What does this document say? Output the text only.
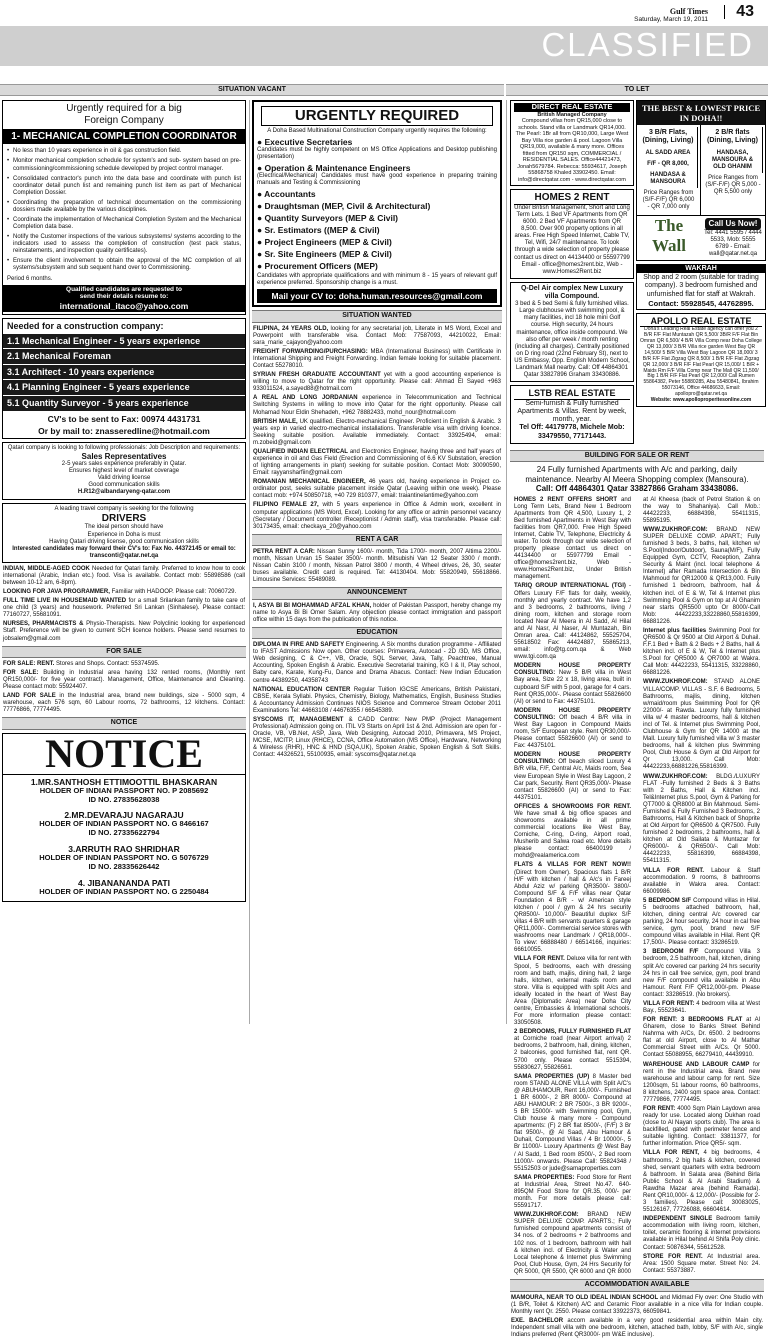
Gulf Times
Saturday, March 19, 2011 43
CLASSIFIED
SITUATION VACANT	TO LET
Urgently required for a big
Foreign Company
1- MECHANICAL COMPLETION COORDINATOR
• No less than 10 years experience in oil & gas construction field.
• Monitor mechanical completion schedule for system's and sub- system based on pre-commissioning/commissioning schedule developed by project control manager.
• Consolidated contractor's punch into the data base and coordinate with punch list coordinator detail punch list and remaining punch list item as part of Mechanical Completion Dossier.
• Coordinating the preparation of technical documentation on the commissioning dossiers made available by the various disciplines.
• Coordinate the implementation of Mechanical Completion System and the Mechanical Completion data base.
• Notify the Customer inspections of the various subsystems/ systems according to the indicators used to assess the completion of construction (test pack status, reinstatements, and inspection quality certificates).
• Ensure the client involvement to obtain the approval of the MC completion of all systems/subsystem and sub sequent hand over to Commissioning.
Period 6 months.
Qualified candidates are requested to
send their details resume to:
international_itaco@yahoo.com
Needed for a construction company:
1.1 Mechanical Engineer - 5 years experience
2.1 Mechanical Foreman
3.1 Architect - 10 years experience
4.1 Planning Engineer - 5 years experience
5.1 Quantity Surveyor - 5 years experience
CV's to be sent to Fax: 00974 4431731
Or by mail to: znasseredline@hotmail.com
Qatari company is looking to following professionals: Job Description and requirements:
Sales Representatives
2-5 years sales experience preferably in Qatar.
Ensures highest level of market coverage
Valid driving license
Good communication skills
H.R12@albandaryeng-qatar.com
A leading travel company is seeking for the following
DRIVERS
The ideal person should have
Experience in Doha is must
Having Qatari driving license, good communication skills
Interested candidates may forward their CV's to: Fax No. 44372145 or email to: transconti@qatar.net.qa
INDIAN, MIDDLE-AGED COOK Needed for Qatari family. Preferred to know how to cook international (Arabic, Indian etc.) food. Visa is available. Contact mob: 55898586 (call between 10-12 am, 6-8pm).
LOOKING FOR JAVA PROGRAMMER, Familiar with HADOOP. Please call: 70060729.
FULL TIME LIVE IN HOUSEMAID WANTED for a small Srilankan family to take care of one child (3 years) and housework. Preferred Sri Lankan (Sinhalese). Please contact: 77160727, 55681091.
NURSES, PHARMACISTS & Physio-Therapists. New Polyclinic looking for experienced Staff. Preference will be given to current SCH licence holders. Please send resumes to jobsalem@gmail.com
FOR SALE
FOR SALE: RENT. Stores and Shops. Contact: 55374595.
FOR SALE: Building in Industrial area having 132 rented rooms, (Monthly rent QR150,000/- for five year contract). Management, Office, Maintenance and Cleaning. Please contact mob: 55924407.
LAND FOR SALE in the Industrial area, brand new buildings, size - 5000 sqm, 4 warehouse, each 576 sqm, 60 Labour rooms, 72 bathrooms, 12 kitchens. Contact: 77776866, 77774495.
NOTICE
NOTICE
1.MR.SANTHOSH ETTIMOOTTIL BHASKARAN
HOLDER OF INDIAN PASSPORT NO. P 2085692
ID NO. 27835628038
2.MR.DEVARAJU NAGARAJU
HOLDER OF INDIAN PASSPORT NO. G 8466167
ID NO. 27335622794
3.ARRUTH RAO SHRIDHAR
HOLDER OF INDIAN PASSPORT NO. G 5076729
ID NO. 28335626442
4. JIBANANANDA PATI
HOLDER OF INDIAN PASSPORT NO. G 2250484
URGENTLY REQUIRED
A Doha Based Multinational Construction Company urgently requires the following:
● Executive Secretaries
Candidates must be highly competent on MS Office Applications and Desktop publishing (presentation)
● Operation & Maintenance Engineers
(Electrical/Mechanical) Candidates must have good experience in preparing training manuals and Testing & Commissioning
● Accountants
● Draughtsman (MEP, Civil & Architectural)
● Quantity Surveyors (MEP & Civil)
● Sr. Estimators ((MEP & Civil)
● Project Engineers (MEP & Civil)
● Sr. Site Engineers (MEP & Civil)
● Procurement Officers (MEP)
Candidates with appropriate qualifications and with minimum 8 - 15 years of relevant gulf experience preferred. Sponsorship change is a must.
Mail your CV to: doha.human.resources@gmail.com
SITUATION WANTED
FILIPINA, 24 YEARS OLD, looking for any secretarial job, Literate in MS Word, Excel and Powerpoint with transferable visa. Contact Mob: 77587093, 44210022, Email: sara_marie_cajayon@yahoo.com
FREIGHT FORWARDING/PURCHASING: MBA (International Business) with Certificate in International Shipping and Freight Forwarding. Indian female looking for suitable placement. Contact 55278010.
SYRIAN FRESH GRADUATE ACCOUNTANT yet with a good accounting experience is willing to move to Qatar for the right opportunity. Please call: Ahmad El Sayed +963 933011524, a.sayed88@hotmail.com
A REAL AND LONG JORDANIAN experience in Telecommunication and Technical Switching Systems in willing to move into Qatar for the right opportunity. Please call Mohamad Nour Eldin Shehadeh, +962 78882433, mohd_nour@hotmail.com
BRITISH MALE, UK qualified. Electro-mechanical Engineer. Proficient in English & Arabic. 3 years exp in varied electro-mechanical installations. Transferable visa with driving licence. Seeking suitable position. Available immediately. Contact: 33925494, email: m.zobeid@gmail.com
QUALIFIED INDIAN ELECTRICAL and Electronics Engineer, having three and half years of experience in oil and Gas Field (Erection and Commissioning of 6.6 KV Substation, erection of lighting arrangements in plant) seeking for suitable position. Contact Mob: 30090590, Email: rayyansharfiin@gmail.com
ROMANIAN MECHANICAL ENGINEER, 46 years old, having experience in Project co-ordinator post, seeks suitable placement inside Qatar (Leaving within one week). Please contact mob: +974 50850718, +40 729 810377, email: traiantinelantime@yahoo.com
FILIPINO FEMALE 27, with 5 years experience in Office & Admin work, excellent in computer applications (MS Word, Excel). Looking for any office or admin personnel vacancy (Secretary / Document controller /Receptionist / Admin staff), visa transferable. Please call: 30173435, email: checkaya_20@yahoo.com
RENT A CAR
PETRA RENT A CAR: Nissan Sunny 1600/- month, Tida 1700/- month, 2007 Altima 2200/- month, Nissan Urvan 15 Seater 3500/- month. Mitsubishi Van 12 Seater 3300 / month. Nissan Cabin 3100 / month, Nissan Patrol 3800 / month, 4 Wheel drives, 26, 30, seater buses available. Credit card is required. Tel: 44130404. Mob: 55820949, 55618866. Limousine Services: 55489089.
ANNOUNCEMENT
I, ASYA BI BI MOHAMMAD AFZAL KHAN, holder of Pakistan Passport, hereby change my name to Asya Bi Bi Omer Salam. Any objection please contact immigration and passport office within 15 days from the publication of this notice.
EDUCATION
DIPLOMA IN FIRE AND SAFETY Engineering. A Six months duration programme - Affiliated to IFAST Admissions Now open. Other courses: Primavera, Autocad - 2D /3D, MS Office, Web designing, C & C++, VB, Oracle, SQL Server, Java, Tally, Peachtree, Manual Accounting, Spoken English & Arabic. Executive Secretarial training, KG I & II, Play school, Baby care, Karate, Kung-Fu, Dance and Drama Abacus. Contact: New Indian Education centre 44389250, 44358743
NATIONAL EDUCATION CENTER Regular Tuition IGCSE Americans, British Pakistani, CBSE, Kerala Syllabi. Physics, Chemistry, Biology, Mathematics, English, Business Studies & Accountancy Admission Continues NIOS Science and Commerce Stream October 2011 Examinations Tel: 44663108 / 44676355 / 66545389.
SYSCOMS IT, MANAGEMENT & CADD Centre: New PMP (Project Management Professional) Admission going on. ITIL V3 Starts on April 1st & 2nd. Admission are open for - Oracle, VB, VB.Net, ASP, Java, Web Designing, Autocad 2010, Primavera, MS Project, MCSE, MCITP, Linux (RHCE), CCNA, Office Automation (MS Office), Hardware, Networking & Wireless (RHR), HNC & HND (SQA,UK), Spoken Arabic, Spoken English & Soft Skills. Contact: 44326521, 55100935, email: syscoms@qatar.net.qa
DIRECT REAL ESTATE
British Managed Company
Compound villas from QR15,000 close to schools. Stand villa or Landmark QR14,000. The Pearl: 1Br all from QR10,000, Large West Bay Villa rice garden & pool. Lagoon Villa QR19,000, available & many more. Offices fitted from QR150 sqm, COMMERCIAL / RESIDENTIAL SALES. Office44421473, Jonah5679784. Rebecca: 55934617, Joseph 55868758 Khaled 33902450. Email: info@directqatar.com - www.directqatar.com
HOMES 2 RENT
Under British Management, Short and Long Term Lets. 1 Bed VF Apartments from QR 6000. 2 Bed VF Apartments from QR 8,500. Over 900 property options in all areas. Free High Speed Internet, Cable TV, Tel, Wifi, 24/7 maintenance. To look through a wide selection of property please contact us direct on 44134400 or 55597799 Email - office@homes2rent.biz, Web - www.Homes2Rent.biz
Q-Del Air complex New Luxury villa Compound.
3 bed & 5 bed Semi & fully furnished villas. Large clubhouse with swimming pool, & many facilities, incl 18 hole mini Golf course. High security, 24 hours maintenance, office inside compound. We also offer per week / month renting (including all charges). Centrally positioned on D ring road (22nd February St), next to US Embassy, Opp. English Modern School, Landmark Mall nearby. Call: Off 44864301 Qatar 33827896 Graham 33430886.
LSTB REAL ESTATE
Semi-furnish & Fully furnished Apartments & Villas. Rent by week, month, year.
Tel Off: 44179778, Michele Mob: 33479550, 77171443.
THE BEST & LOWEST PRICE IN DOHA!!
3 B/R Flats, (Dining, Living)
AL SADD AREA
F/F - QR 8,000,
HANDASA & MANSOURA
Price Ranges from (S/F-F/F) QR 6,000 - QR 7,000 only
2 B/R flats (Dining, Living)
HANDASA, MANSOURA & OLD GHANIM
Price Ranges from (S/F-F/F) QR 5,000 - QR 5,500 only
The Wall
Call Us Now!
Tel: 4441 5595 / 4444 5533, Mob: 5555 6789 - Email: wall@qatar.net.qa
WAKRAH
Shop and 2 room (suitable for trading company). 3 bedroom furnished and unfurnished flat for staff at Wakrah.
Contact: 55928545, 44762895.
APOLLO REAL ESTATE
Doha's Leading Real Estate agency can offer you 2 B/R F/F Flat Muntazah QR 5,500/ 3B/R F/F Flat Bin Omran QR 6,500/ 4 B/R Villa Comp near Doha College QR 13,000/ 3 B/R Villa rice garden West Bay QR 14,500/ 5 B/R Villa West Bay Lagoon QR 18,000/ 3 B/R F/F Flat Zigzag QR 8,500/ 1 B/R F/F Flat Zigzag QR 12,000/ 3 B/R F/F Flat Pearl QR 15,000/ 1 B/R + Maids Rm F/F Villa Comp near The Mall QR 11,500/ Big 1 B/R F/F Flat Pearl QR 12,000/ Call Rumen 55864382, Peter 55880285, Abu 55480841, Ibrahim 55073146, Office 44686633, Email: apollopro@qatar.net.qa
Website: www.apolloproperitesonline.com
BUILDING FOR SALE OR RENT
24 Fully furnished Apartments with A/c and parking, daily maintenance. Nearby Al Meera Shopping complex (Mansoura).
Call: Off 44864301 Qatar 33827866 Graham 33438086.
HOMES 2 RENT OFFERS SHORT and Long Term Lets, Brand New 1 Bedroom Apartments from QR 4,500, Luxury 1, 2 Bed furnished Apartments in West Bay with facilities from QR7,000. Free High Speed Internet, Cable TV, Telephone, Electricity & water. To look through our wide selection of property please contact us direct on 44134400 or 55977799 Email - office@homes2rent.biz, Web - www.Homes2Rent.biz, Under British management.
TARIQ GROUP INTERNATIONAL (TGI) - Offers Luxury F/F flats for daily, weekly, monthly and yearly contract. We have 1,2 and 3 bedrooms, 2 bathrooms, living / dining room, kitchen and storage room located Near Al Meera in Al Sadd, Al Hilal and Al Nasr, Al Naser, Al Muntazah, Bin Omran area. Call: 44124862, 55525704, 55618502 Fax: 44424887, 55865213, email: info@tg.com.qa & Web www.tgi.com.qa
MODERN HOUSE PROPERTY CONSULTING: New 5 B/R villa in West Bay area, Size 22 x 18, living area, built in cupboard S/F with 5 pool, garage for 4 cars. Rent QR35,000/-. Please contact 55826600 (AI) or send to Fax: 44375101.
MODERN HOUSE PROPERTY CONSULTING: Off beach 4 B/R villa in West Bay Lagoon in Compound Maids room, S/F European style. Rent QR30,000/- Please contact 55826600 (AI) or send to Fax: 44375101.
MODERN HOUSE PROPERTY CONSULTING: Off beach sliced Luxury 4 B/R villa, F/F, Central A/c, Maids room, Sea view European Style in West Bay Lagoon, 2 Car park, Security. Rent QR35,000/- Please contact 55826600 (AI) or send to Fax: 44375101.
OFFICES & SHOWROOMS FOR RENT. We have small & big office spaces and showrooms available in all prime commercial locations like West Bay, Corniche, C-ring, D-ring, Airport road, Musherib and Salwa road etc. More details please contact: 66400199 / mohd@realamerica.com
FLATS & VILLAS FOR RENT NOW!! (Direct from Owner). Spacious flats 1 B/R H/F with kitchen / hall & A/c's in Fareej Abdul Aziz w/ parking QR3500/- 3800/- Compound S/F & F/F villas near Qatar Foundation 4 B/R - w/ American style kitchen / pool / gym & 24 hrs security QR8500/- 10,000/- Beautiful duplex S/F villas 4 B/R with servants quarters & garage QR11,000/-. Commercial service stores with washrooms near Landmark / QR18,000/-. To view: 66888480 / 66514166, inquiries: 66610055.
VILLA FOR RENT. Deluxe villa for rent with Spool, 5 bedrooms, each with dressing room and bath, majlis, dining hall, 2 large halls, kitchen, external maids room and store. Villa is equipped with split A/cs and ideally located in the heart of West Bay Area (Diplomatic Area) near Doha City centre, Embassies & International schools. For more information please contact: 33050508.
2 BEDROOMS, FULLY FURNISHED FLAT at Corniche road (near Airport arrival) 2 bedrooms, 2 bathroom, hall, dining, kitchen, 2 balconies, good furnished flat, rent QR. 5700 only. Please contact 5515394, 55830627, 55826561.
SAMA PROPERTIES (UP) 8 Master bed room STAND ALONE VILLA with Split A/C's @ ABUHAMOUR, Rent 16,000/-. Furnished 1 BR 6000/-, 2 BR 8000/- Compound at ABU HAMOUR: 2 BR 7500/-, 3 BR 9200/-, 5 BR 15000/- with Swimming pool, Gym, Club house & many more - Compound apartments: (F) 2 BR flat 8500/-, (F/F) 3 Br flat 9500/-, @ Al Saad, Abu Hamour & Duhail, Compound Villas / 4 Br 10000/-, 5 Br 11000/- Luxury Apartments @ West Bay / Al Sadd, 1 Bed room 8500/-, 2 Bed room 11000/- onwards. Please Call: 55824348 / 55152503 or jude@samaproperties.com
SAMA PROPERTIES: Food Store for Rent at Industrial Area, Street No.47. 640-895QM Food Store for QR.35, 000/- per month. For more details please call: 55591717.
WWW.ZUKHROF.COM: BRAND NEW SUPER DELUXE COMP. APARTS.; Fully furnished compound apartments consist of 34 nos. of 2 bedrooms + 2 bathrooms and 102 nos. of 1 bedroom, bathroom with hall & kitchen incl. of Electricity & Water and Local telephone & Internet plus Swimming Pool, Club House, Gym, 24 Hrs Security for QR 5000, QR 5500, QR 6000 and QR 8000 at Al Kheesa (back of Petrol Station & on the way to Shahaniya). Call Mob.: 44422233, 66884398, 55411315, 55895195.
WWW.ZUKHROF.COM: BRAND NEW SUPER DELUXE COMP. APART.; Fully furnished 3 beds, 3 baths, hall, kitchen w/ S.Pool(Indoor/Outdoor), Sauna(M/F), Fully Equipped Gym, CCTV, Reception, Zahra Security & Maint (incl. local telephone & Internet) after Ramada Intersection & Bin Mahmoud for QR12000 & QR13,000. Fully furnished 1 bedroom, bathroom, hall & kitchen incl. of E & W, Tel & Internet plus Swimming Pool & Gym on top at Al Ghanim near starts QR5500 upto Or 8000/-Call Mob: 44422233,33228860,55816399, 66881226.
Internet plus facilities Swimming Pool for QR6500 & Qr 9500 at Old Airport & Duhail. F.F.1 Bed + Bath & 2 Beds + 2 Baths, hall & kitchen incl. of E & W, Tel & Internet plus S.Pool for QR5000 & QR7000 at Wakra. Call Mob: 44422233, 55411315, 33228860, 66881226.
WWW.ZUKHROF.COM: STAND ALONE VILLA/COMP. VILLAS - S.F. 6 Bedrooms, 5 Bathrooms, majlis, dining, kitchen w/maid/room plus Swimming Pool for QR 22000/- at Rawda. Luxury fully furnished villa w/ 4 master bedrooms, hall & kitchen incl of Tel. & Internet plus Swimming Pool, Clubhouse & Gym for QR 14000 at the Mall. Luxury fully furnished villa w/ 3 master bedrooms, hall & kitchen plus Swimming Pool, Club House & Gym at Old Airport for Qr 13,000. Call Mob: 44422233,66881226,55816399.
WWW.ZUKHROF.COM: BLDG./LUXURY FLAT -Fully furnished 2 Beds & 3 Baths with 2 Baths, Hall & Kitchen incl. Tel&Internet plus S.pool, Gym & Parking for QT7000 & QR8000 at Bin Mahmoud. Semi-Furnished & Fully Furnished 3 Bedrooms, 2 Bathrooms, Hall & Kitchen back of Shoprite at Old Airport for QR6500 & QR7500. Fully furnished 2 bedrooms, 2 bathrooms, hall & kitchen at Old Sailata & Muntazar for QR6000/- & QR6500/-. Call Mob: 44422233, 55816399, 66884398, 55411315.
VILLA FOR RENT. Labour & Staff accommodation. 9 rooms, 8 bathrooms available in Wakra area. Contact: 66009986.
5 BEDROOM S/F Compound villas in Hilal. 5 bedrooms attached bathroom, hall, kitchen, dining central A/c covered car parking, 24 hour security, 24 hour in cal free service, gym, pool, brand new S/F compound villas available in Hilal. Rent QR 17,500/-. Please contact: 33286519.
3 BEDROOM F/F Compound Villa 3 bedroom, 2.5 bathroom, hall, kitchen, dining split A/c covered car parking 24 hrs security 24 hrs in call free service, gym, pool brand new F/F compound villa available in Abu Hamour. Rent F/F QR12,000/-pm. Please contact: 33286519. (No brokers).
VILLA FOR RENT: 4 bedroom villa at West Bay., 55523641.
FOR RENT: 3 BEDROOMS FLAT at Al Gharem, close to Banks Street Behind Nahrma with A/Cs, Dr. 6500. 2 bedrooms flat at old Airport, close to Al Mathar Commercial Street with A/Cs. Qr 5000. Contact 55088955, 66279410, 44439910.
WAREHOUSE AND LABOUR CAMP for rent in the Industrial area. Brand new warehouse and labour camp for rent. Size 1200sqm, 51 labour rooms, 60 bathrooms, 8 kitchens, 2400 sqm space area. Contact: 77779866, 77774495.
FOR RENT: 4000 Sqm Plain Laydown area ready for use. Located along Dukhan road (close to Al Nayan sports club). The area is backfilled, gated with perimeter fence and suitable lighting. Contact: 33811377, for further information. Price QR5/- sqm.
VILLA FOR RENT, 4 big bedrooms, 4 bathrooms, 2 big halls & kitchen, covered shed, servant quarters with extra bedroom & bathroom. In Salata area (Behind Birla Public School & Al Arabi Stadium) & Rawdha Mazar area (behind Ramada). Rent QR10,000/- & 12,000/- (Possible for 2-3 families). Please call: 30083025, 55126167, 77726088, 66604614.
INDEPENDENT SINGLE Bedroom family accommodation with living room, kitchen, toilet, ceramic flooring & internet provisions available in Hilal behind Al Shifa Poly clinic. Contact: 50876344, 55612528.
STORE FOR RENT. At Industrial area. Area: 1500 Square meter. Street No: 24. Contact: 55373887.
ACCOMMODATION AVAILABLE
MAMOURA, NEAR TO OLD IDEAL INDIAN SCHOOL and Midmad Fly over: One Studio with (1 B/R, Toilet & Kitchen) A/C and Ceramic Floor available in a nice villa for Indian couple. Monthly rent Qr. 2550. Please contact 33922373, 66059841.
EXE. BACHELOR accom available in a very good residential area within Main city. Independent small villa with one bedroom, kitchen, attached bath, lobby, S/F with A/c, single Indians preferred (Rent QR3000/- pm W&E inclusive).
